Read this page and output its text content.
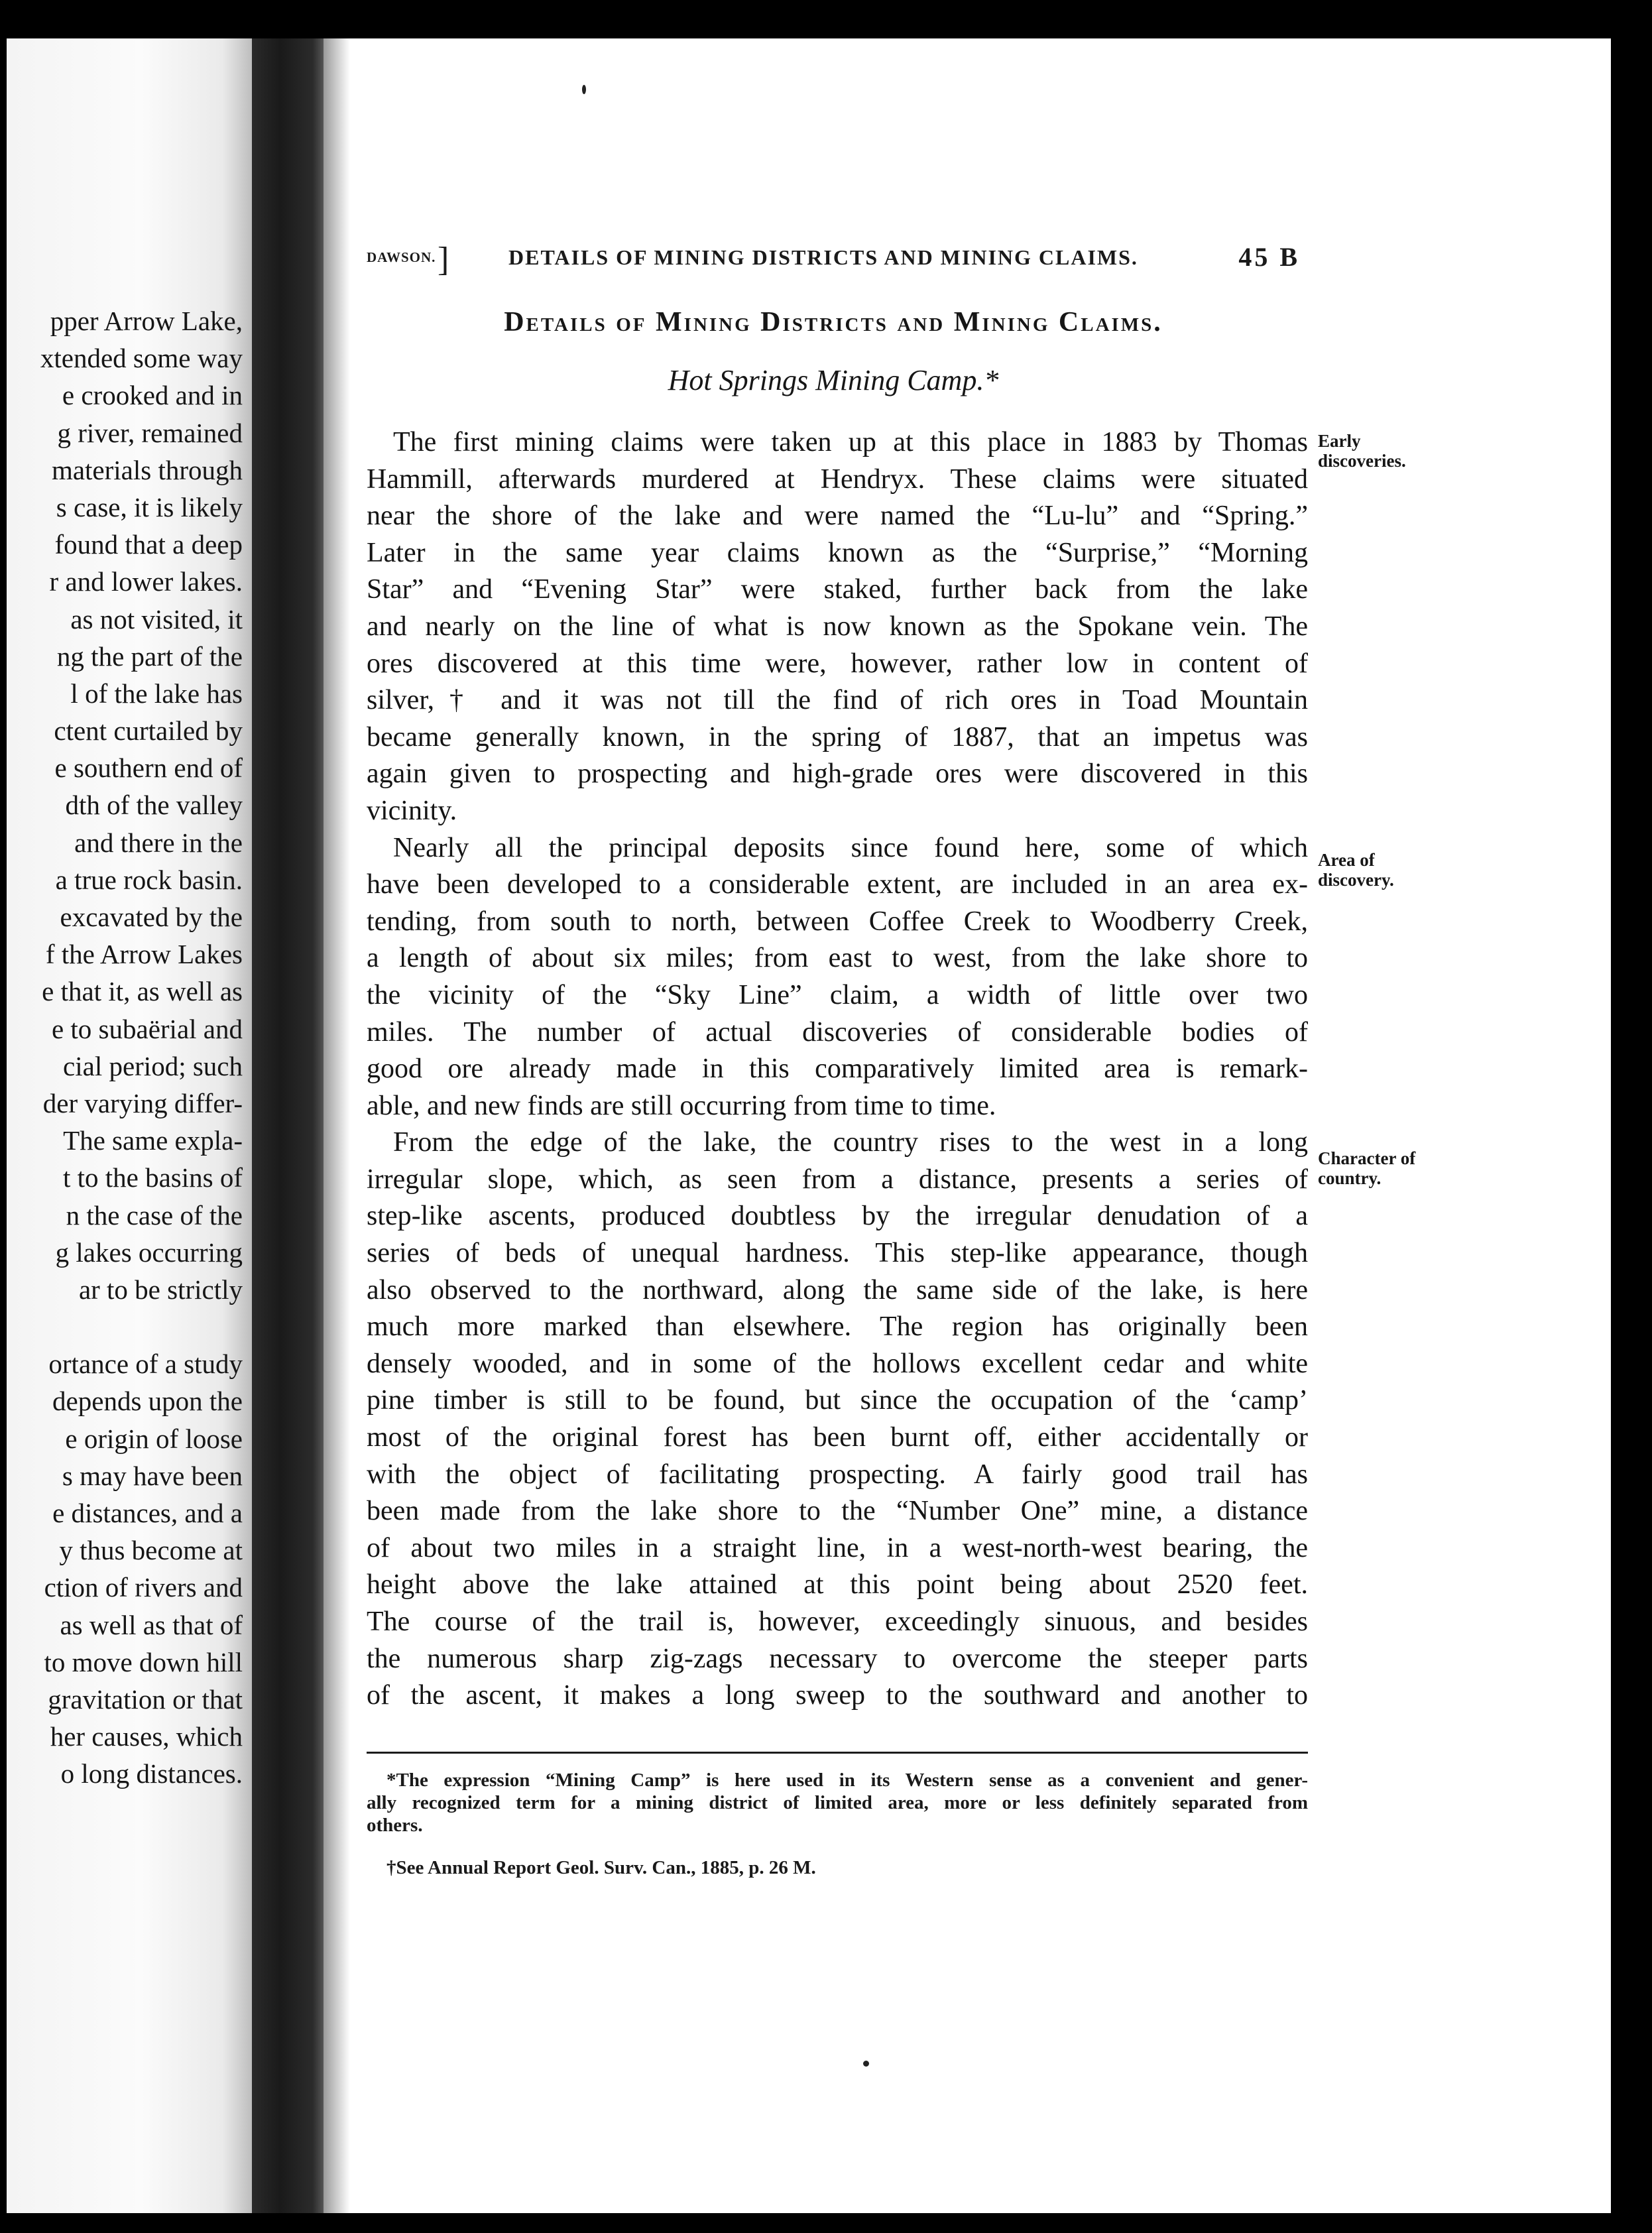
pper Arrow Lake,
xtended some way
e crooked and in
g river, remained
materials through
s case, it is likely
found that a deep
r and lower lakes.
as not visited, it
ng the part of the
l of the lake has
ctent curtailed by
e southern end of
dth of the valley
and there in the
a true rock basin.
excavated by the
f the Arrow Lakes
e that it, as well as
e to subaërial and
cial period; such
der varying differ-
The same expla-
t to the basins of
n the case of the
g lakes occurring
ar to be strictly
ortance of a study
depends upon the
e origin of loose
s may have been
e distances, and a
y thus become at
ction of rivers and
as well as that of
to move down hill
gravitation or that
her causes, which
o long distances.
DAWSON. ]	DETAILS OF MINING DISTRICTS AND MINING CLAIMS.	45 B
Details of Mining Districts and Mining Claims.
Hot Springs Mining Camp.*
The first mining claims were taken up at this place in 1883 by Thomas
Hammill, afterwards murdered at Hendryx. These claims were situated
near the shore of the lake and were named the “Lu-lu” and “Spring.”
Later in the same year claims known as the “Surprise,” “Morning
Star” and “Evening Star” were staked, further back from the lake
and nearly on the line of what is now known as the Spokane vein. The
ores discovered at this time were, however, rather low in content of
silver,† and it was not till the find of rich ores in Toad Mountain
became generally known, in the spring of 1887, that an impetus was
again given to prospecting and high-grade ores were discovered in this
vicinity.
Nearly all the principal deposits since found here, some of which
have been developed to a considerable extent, are included in an area ex-
tending, from south to north, between Coffee Creek to Woodberry Creek,
a length of about six miles; from east to west, from the lake shore to
the vicinity of the “Sky Line” claim, a width of little over two
miles. The number of actual discoveries of considerable bodies of
good ore already made in this comparatively limited area is remark-
able, and new finds are still occurring from time to time.
From the edge of the lake, the country rises to the west in a long
irregular slope, which, as seen from a distance, presents a series of
step-like ascents, produced doubtless by the irregular denudation of a
series of beds of unequal hardness. This step-like appearance, though
also observed to the northward, along the same side of the lake, is here
much more marked than elsewhere. The region has originally been
densely wooded, and in some of the hollows excellent cedar and white
pine timber is still to be found, but since the occupation of the ‘camp’
most of the original forest has been burnt off, either accidentally or
with the object of facilitating prospecting. A fairly good trail has
been made from the lake shore to the “Number One” mine, a distance
of about two miles in a straight line, in a west-north-west bearing, the
height above the lake attained at this point being about 2520 feet.
The course of the trail is, however, exceedingly sinuous, and besides
the numerous sharp zig-zags necessary to overcome the steeper parts
of the ascent, it makes a long sweep to the southward and another to
Early
discoveries.
Area of
discovery.
Character of
country.
*The expression “Mining Camp” is here used in its Western sense as a convenient and gener-
ally recognized term for a mining district of limited area, more or less definitely separated from
others.
†See Annual Report Geol. Surv. Can., 1885, p. 26 M.
